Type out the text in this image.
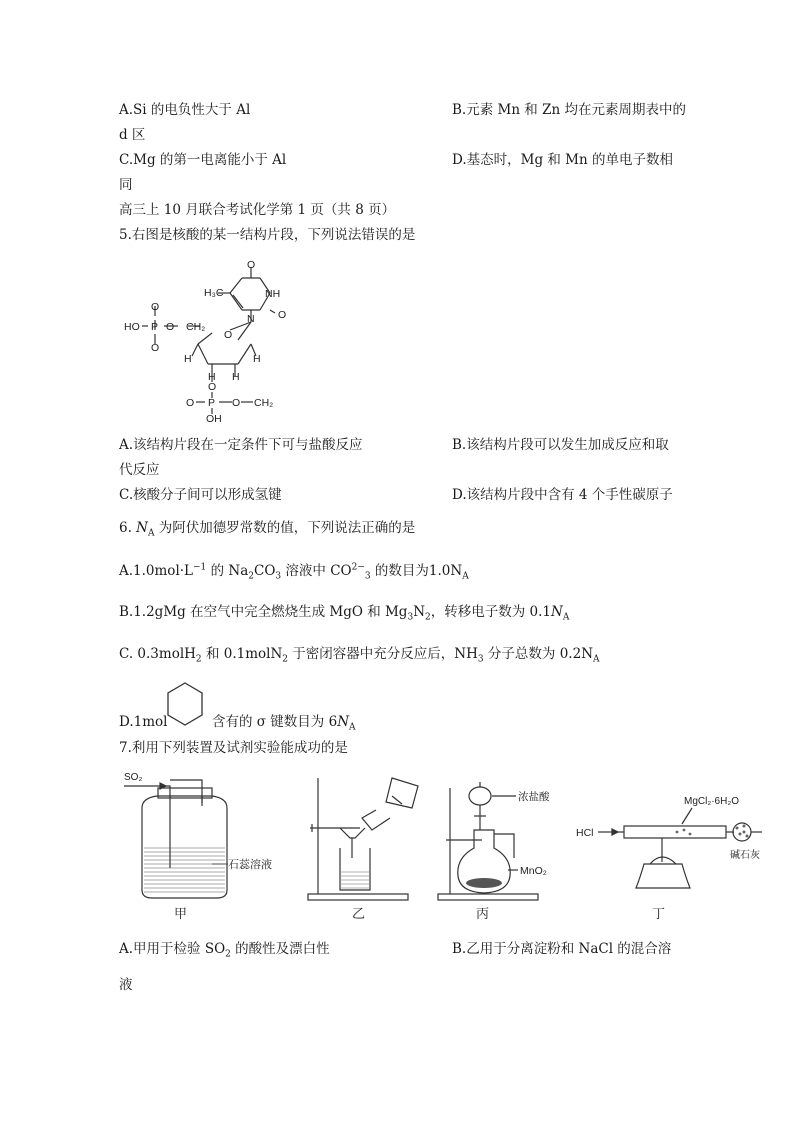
A.Si 的电负性大于 Al	B.元素 Mn 和 Zn 均在元素周期表中的
d 区
C.Mg 的第一电离能小于 Al	D.基态时，Mg 和 Mn 的单电子数相
同
高三上 10 月联合考试化学第 1 页（共 8 页）
5.右图是核酸的某一结构片段，下列说法错误的是
H₃C
O
NH
O
N
O
HO P O
O
CH₂
O
H	H
H H
O
O P O CH₂
OH
A.该结构片段在一定条件下可与盐酸反应	B.该结构片段可以发生加成反应和取
代反应
C.核酸分子间可以形成氢键	D.该结构片段中含有 4 个手性碳原子
6. $N_A$ 为阿伏加德罗常数的值，下列说法正确的是
$A.1.0mol\cdot L^{-1}$ 的 $Na_2CO_3$ 溶液中 $CO^{2-}_3$ 的数目为$1.0N_A$
B.1.2gMg 在空气中完全燃烧生成 MgO 和 $Mg_3N_2$，转移电子数为 $0.1N_A$
C. 0.3molH$_2$ 和 0.1molN$_2$ 于密闭容器中充分反应后，$NH_3$ 分子总数为 $0.2N_A$
D.1mol	含有的 σ 键数目为 $6N_A$
7.利用下列装置及试剂实验能成功的是
SO₂
石蕊溶液
甲	乙
浓盐酸
MnO₂
丙
HCl
MgCl₂·6H₂O
碱石灰
丁
A.甲用于检验 $SO_2$ 的酸性及漂白性	B.乙用于分离淀粉和 NaCl 的混合溶
液
